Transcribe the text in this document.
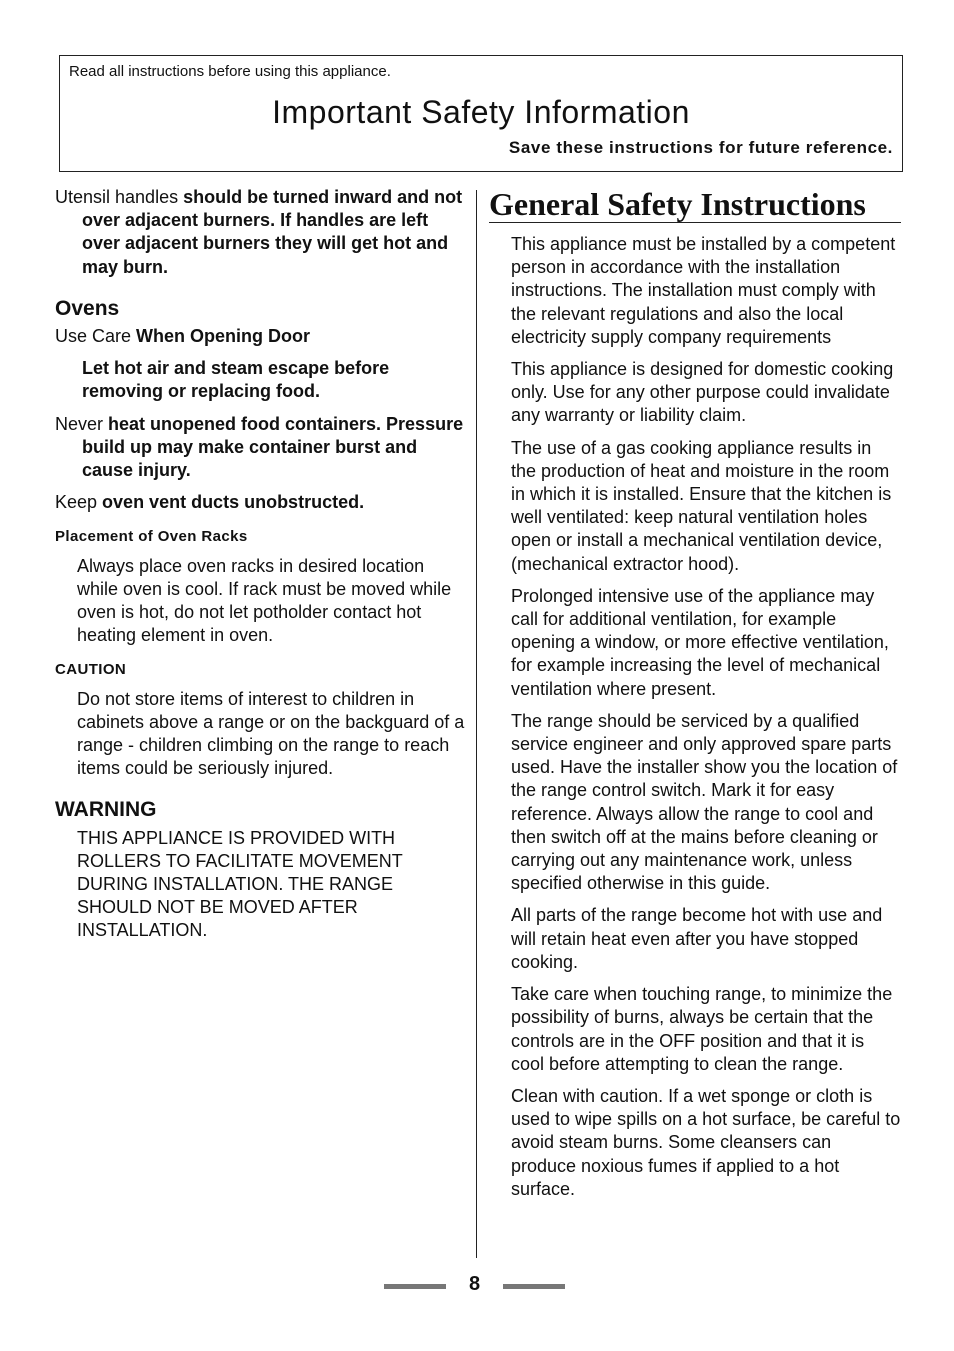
Read all instructions before using this appliance.
Important Safety Information
Save these instructions for future reference.

Utensil handles should be turned inward and not over adjacent burners. If handles are left over adjacent burners they will get hot and may burn.

Ovens

Use Care When Opening Door

Let hot air and steam escape before removing or replacing food.

Never heat unopened food containers. Pressure build up may make container burst and cause injury.

Keep oven vent ducts unobstructed.

Placement of Oven Racks

Always place oven racks in desired location while oven is cool. If rack must be moved while oven is hot, do not let potholder contact hot heating element in oven.

CAUTION

Do not store items of interest to children in cabinets above a range or on the backguard of a range - children climbing on the range to reach items could be seriously injured.

WARNING

THIS APPLIANCE IS PROVIDED WITH ROLLERS TO FACILITATE MOVEMENT DURING INSTALLATION. THE RANGE SHOULD NOT BE MOVED AFTER INSTALLATION.

General Safety Instructions

This appliance must be installed by a competent person in accordance with the installation instructions. The installation must comply with the relevant regulations and also the local electricity supply company requirements

This appliance is designed for domestic cooking only. Use for any other purpose could invalidate any warranty or liability claim.

The use of a gas cooking appliance results in the production of heat and moisture in the room in which it is installed. Ensure that the kitchen is well ventilated: keep natural ventilation holes open or install a mechanical ventilation device, (mechanical extractor hood).

Prolonged intensive use of the appliance may call for additional ventilation, for example opening a window, or more effective ventilation, for example increasing the level of mechanical ventilation where present.

The range should be serviced by a qualified service engineer and only approved spare parts used. Have the installer show you the location of the range control switch. Mark it for easy reference. Always allow the range to cool and then switch off at the mains before cleaning or carrying out any maintenance work, unless specified otherwise in this guide.

All parts of the range become hot with use and will retain heat even after you have stopped cooking.

Take care when touching range, to minimize the possibility of burns, always be certain that the controls are in the OFF position and that it is cool before attempting to clean the range.

Clean with caution. If a wet sponge or cloth is used to wipe spills on a hot surface, be careful to avoid steam burns. Some cleansers can produce noxious fumes if applied to a hot surface.

8
